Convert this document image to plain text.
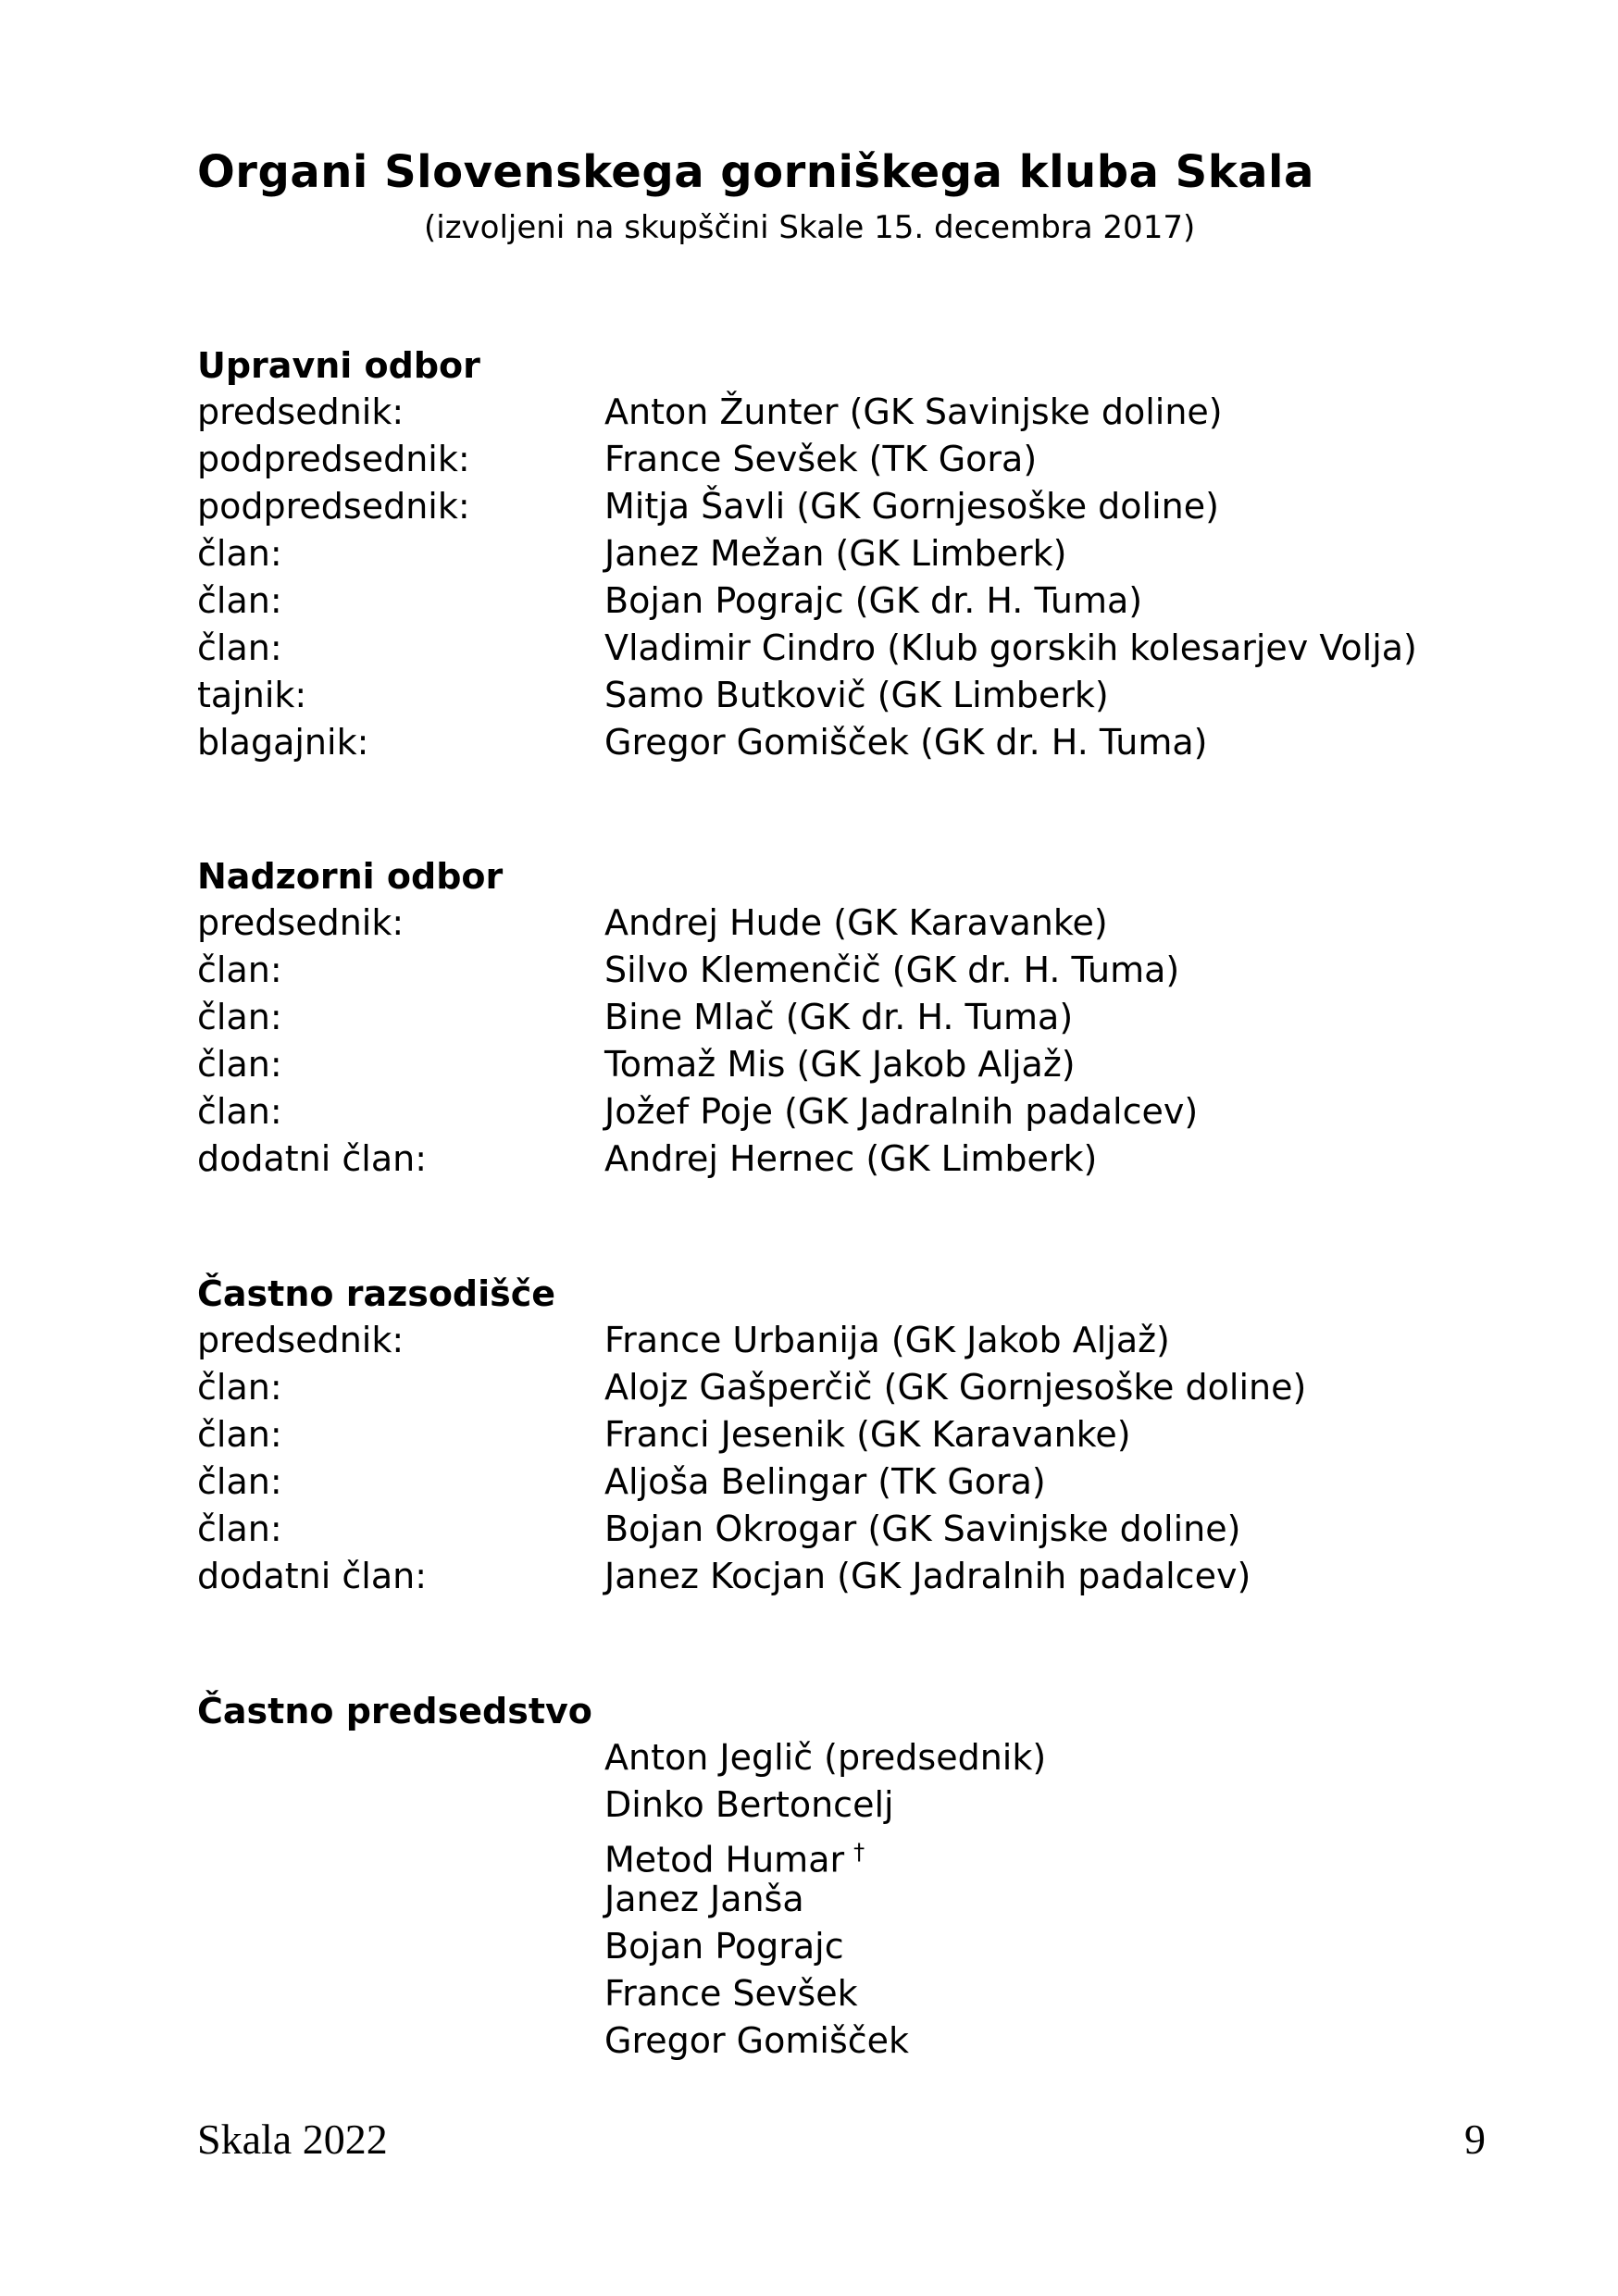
Organi Slovenskega gorniškega kluba Skala
(izvoljeni na skupščini Skale 15. decembra 2017)
Upravni odbor
predsednik:	Anton Žunter (GK Savinjske doline)
podpredsednik:	France Sevšek (TK Gora)
podpredsednik:	Mitja Šavli (GK Gornjesoške doline)
član:	Janez Mežan (GK Limberk)
član:	Bojan Pograjc (GK dr. H. Tuma)
član:	Vladimir Cindro (Klub gorskih kolesarjev Volja)
tajnik:	Samo Butkovič (GK Limberk)
blagajnik:	Gregor Gomišček (GK dr. H. Tuma)
Nadzorni odbor
predsednik:	Andrej Hude (GK Karavanke)
član:	Silvo Klemenčič (GK dr. H. Tuma)
član:	Bine Mlač (GK dr. H. Tuma)
član:	Tomaž Mis (GK Jakob Aljaž)
član:	Jožef Poje (GK Jadralnih padalcev)
dodatni član:	Andrej Hernec (GK Limberk)
Častno razsodišče
predsednik:	France Urbanija (GK Jakob Aljaž)
član:	Alojz Gašperčič (GK Gornjesoške doline)
član:	Franci Jesenik (GK Karavanke)
član:	Aljoša Belingar (TK Gora)
član:	Bojan Okrogar (GK Savinjske doline)
dodatni član:	Janez Kocjan (GK Jadralnih padalcev)
Častno predsedstvo
Anton Jeglič (predsednik)
Dinko Bertoncelj
Metod Humar †
Janez Janša
Bojan Pograjc
France Sevšek
Gregor Gomišček
Skala 2022	9
